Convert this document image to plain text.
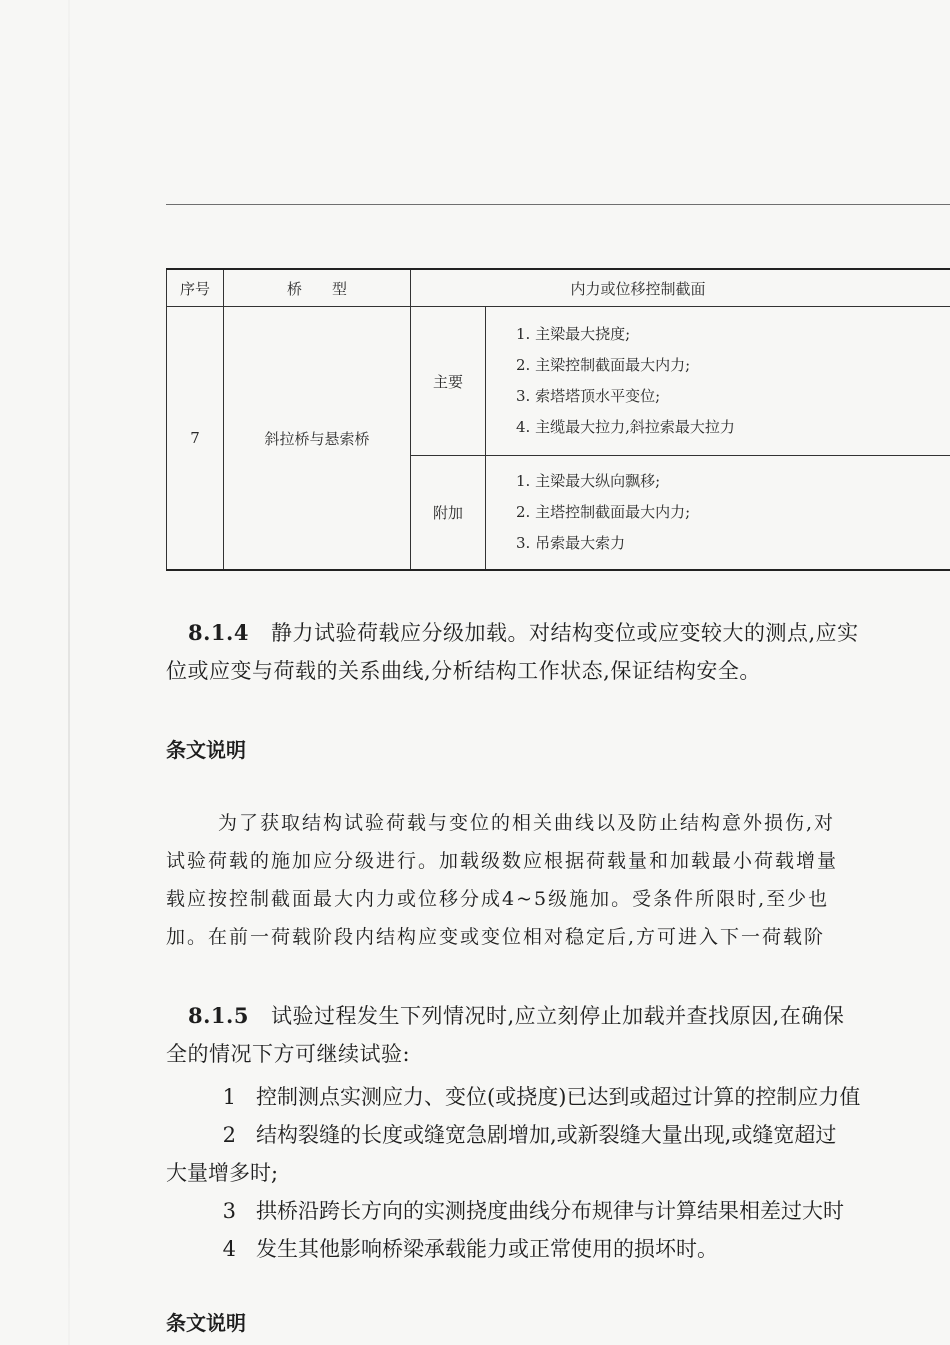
序号	桥　　型	内力或位移控制截面	
7	斜拉桥与悬索桥	主要	1. 主梁最大挠度;
2. 主梁控制截面最大内力;
3. 索塔塔顶水平变位;
4. 主缆最大拉力,斜拉索最大拉力

		附加	1. 主梁最大纵向飘移;
2. 主塔控制截面最大内力;
3. 吊索最大索力
8.1.4 静力试验荷载应分级加载。对结构变位或应变较大的测点,应实
位或应变与荷载的关系曲线,分析结构工作状态,保证结构安全。
条文说明
为了获取结构试验荷载与变位的相关曲线以及防止结构意外损伤,对
试验荷载的施加应分级进行。加载级数应根据荷载量和加载最小荷载增量
载应按控制截面最大内力或位移分成4~5级施加。受条件所限时,至少也
加。在前一荷载阶段内结构应变或变位相对稳定后,方可进入下一荷载阶
8.1.5 试验过程发生下列情况时,应立刻停止加载并查找原因,在确保
全的情况下方可继续试验:
1 控制测点实测应力、变位(或挠度)已达到或超过计算的控制应力值
2 结构裂缝的长度或缝宽急剧增加,或新裂缝大量出现,或缝宽超过
大量增多时;
3 拱桥沿跨长方向的实测挠度曲线分布规律与计算结果相差过大时
4 发生其他影响桥梁承载能力或正常使用的损坏时。
条文说明
